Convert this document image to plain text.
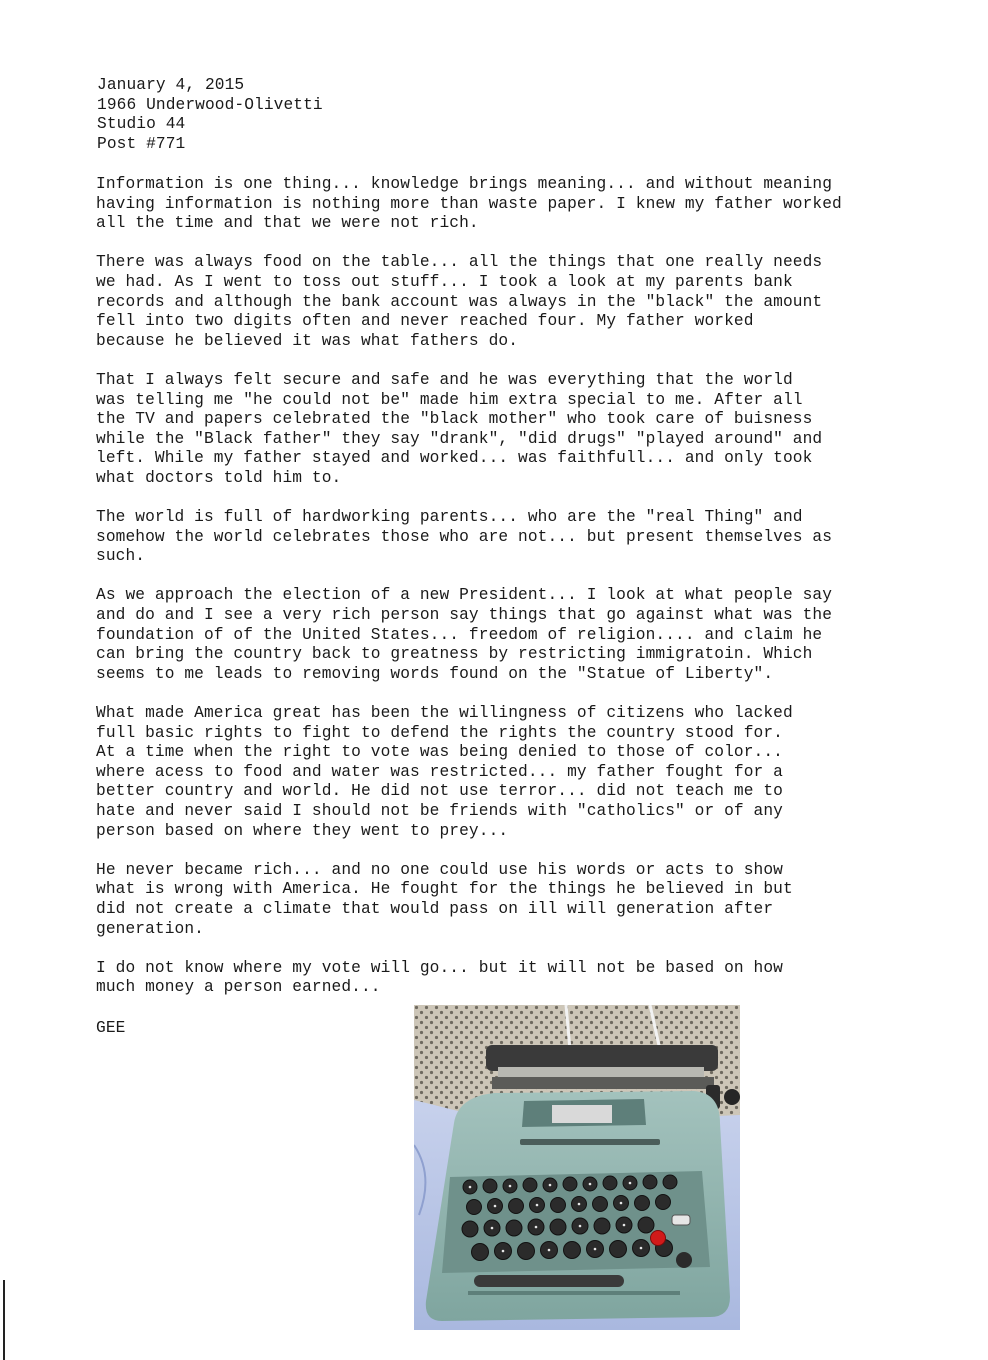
January 4, 2015
1966 Underwood-Olivetti
Studio 44
Post #771

Information is one thing... knowledge brings meaning... and without meaning
having information is nothing more than waste paper. I knew my father worked
all the time and that we were not rich.

There was always food on the table... all the things that one really needs
we had. As I went to toss out stuff... I took a look at my parents bank
records and although the bank account was always in the "black" the amount
fell into two digits often and never reached four. My father worked
because he believed it was what fathers do.

That I always felt secure and safe and he was everything that the world
was telling me "he could not be" made him extra special to me. After all
the TV and papers celebrated the "black mother" who took care of buisness
while the "Black father" they say "drank", "did drugs" "played around" and
left. While my father stayed and worked... was faithfull... and only took
what doctors told him to.

The world is full of hardworking parents... who are the "real Thing" and
somehow the world celebrates those who are not... but present themselves as
such.

As we approach the election of a new President... I look at what people say
and do and I see a very rich person say things that go against what was the
foundation of of the United States... freedom of religion.... and claim he
can bring the country back to greatness by restricting immigratoin. Which
seems to me leads to removing words found on the "Statue of Liberty".

What made America great has been the willingness of citizens who lacked
full basic rights to fight to defend the rights the country stood for.
At a time when the right to vote was being denied to those of color...
where acess to food and water was restricted... my father fought for a
better country and world. He did not use terror... did not teach me to
hate and never said I should not be friends with "catholics" or of any
person based on where they went to prey...

He never became rich... and no one could use his words or acts to show
what is wrong with America. He fought for the things he believed in but
did not create a climate that would pass on ill will generation after
generation.

I do not know where my vote will go... but it will not be based on how
much money a person earned...

GEE
